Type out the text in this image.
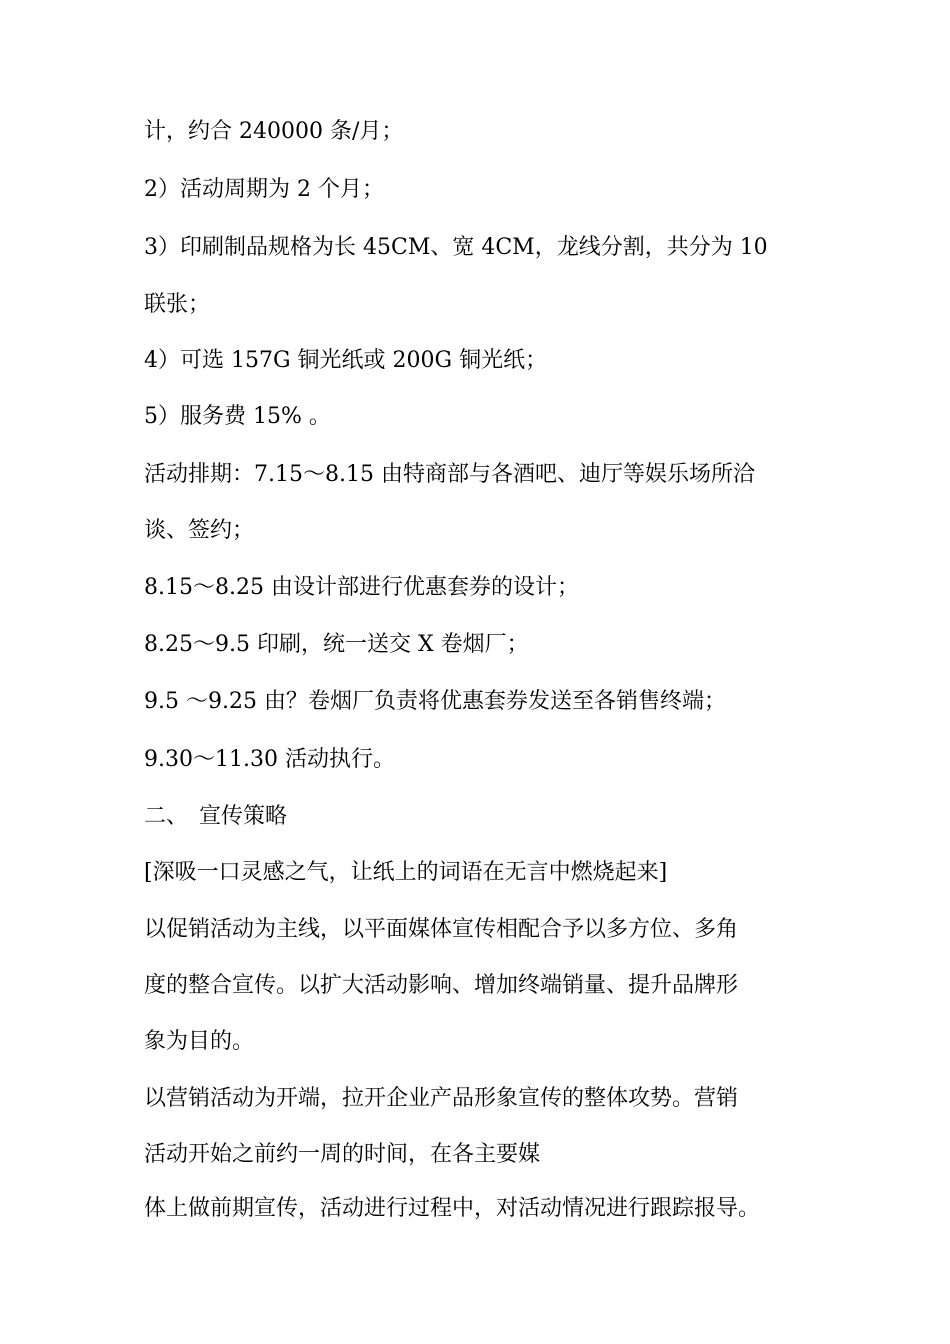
计，约合 240000 条/月；
2）活动周期为 2 个月；
3）印刷制品规格为长 45CM、宽 4CM，龙线分割，共分为 10
联张；
4）可选 157G 铜光纸或 200G 铜光纸；
5）服务费 15% 。
活动排期：7.15～8.15 由特商部与各酒吧、迪厅等娱乐场所洽
谈、签约；
8.15～8.25 由设计部进行优惠套券的设计；
8.25～9.5 印刷，统一送交 X 卷烟厂；
9.5 ～9.25 由？卷烟厂负责将优惠套券发送至各销售终端；
9.30～11.30 活动执行。
二、　宣传策略
[深吸一口灵感之气，让纸上的词语在无言中燃烧起来]
以促销活动为主线，以平面媒体宣传相配合予以多方位、多角
度的整合宣传。以扩大活动影响、增加终端销量、提升品牌形
象为目的。
以营销活动为开端，拉开企业产品形象宣传的整体攻势。营销
活动开始之前约一周的时间，在各主要媒
体上做前期宣传，活动进行过程中，对活动情况进行跟踪报导。
